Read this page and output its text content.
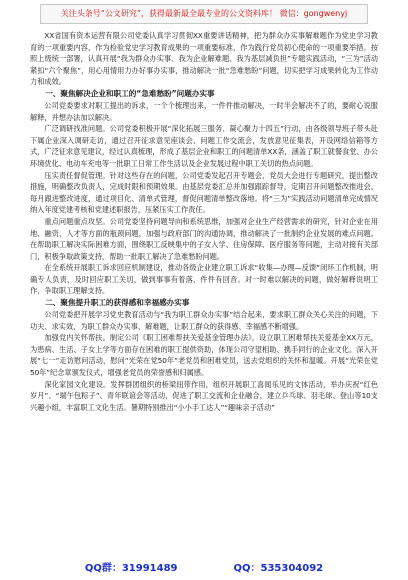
关注头条号“公文研究”，获得最新最全最专业的公文资料库！ 微信：gongwenyj

XX省国有资本运营有限公司党委认真学习贯彻XX重要讲话精神，把为群众办实事解难题作为党史学习教育的一项重要内容，作为检验党史学习教育成果的一项重要标准，作为践行党员初心使命的一项重要举措。按照上级统一部署，认真开展“我为群众办实事、我为企业解难题、我为基层减负担”专题实践活动，“三为”活动紧扣“六个聚焦”，用心用情用力办好事办实事，推动解决一批“急难愁盼”问题，切实把学习成果转化为工作动力和成效。

一、聚焦解决企业和职工的“急难愁盼”问题办实事

公司党委要求对职工提出的诉求，一个个梳理出来，一件件推动解决，一时半会解决不了的，要耐心说服解释，并想办法加以解决。

广泛调研找准问题。公司党委积极开展“深化拓展三服务、凝心聚力十四五”行动，由各级领导班子带头赴下属企业深入调研走访，通过召开征求意见座谈会、问题工作交流会，发放意见征集表，开设网络信箱等方式，广泛征求意见建议，经过认真梳理，形成了基层企业和职工的问题清单XX条，涵盖了职工就餐食堂、办公环境优化、电动车充电等一批职工日常工作生活以及企业发展过程中职工关切的热点问题。

压实责任督促管理。针对这些存在的问题，公司党委发起召开专题会，党员大会进行专题研究，提出整改措施，明确整改负责人，完成时限和预期效果。由基层党委汇总并加强跟踪督导，定期召开问题整改推进会，每月跟进整改进度，通过项目化、清单式管理，督促问题清单整改落地。将“三为”实践活动问题清单完成情况纳入年度党建考核和党建述职报告，压紧压实工作责任。

重点问题重点攻坚。公司党委坚持问题导向和系统思维，加强对企业生产经营需求的研究，针对企业在用地、融资、人才等方面的瓶颈问题，加强与政府部门的沟通协调，推动解决了一批制约企业发展的难点问题。在帮助职工解决实际困难方面，围绕职工反映集中的子女入学、住房保障、医疗服务等问题，主动对接有关部门，积极争取政策支持，帮助一批职工解决了急难愁盼问题。

在全系统开展职工诉求回应机制建设，推动各级企业建立职工诉求“收集—办理—反馈”闭环工作机制，明确专人负责，及时回应职工关切，做到事事有着落、件件有回音。对一时难以解决的问题，做好解释说明工作，争取职工理解支持。

二、聚焦提升职工的获得感和幸福感办实事

公司党委把开展学习党史教育活动与“我为职工群众办实事”结合起来，要求职工群众关心关注的问题，下功夫、求实效，为职工群众办实事、解难题，让职工群众的获得感、幸福感不断增强。

加强党内关怀帮扶。制定公司《职工困难帮扶关爱基金管理办法》，设立职工困难帮扶关爱基金XX万元，为患病、生活、子女上学等方面存在困难的职工提供资助，体现公司守望相助、携手同行的企业文化。深入开展“七一”走访慰问活动，慰问“光荣在党50年”老党员和困难党员，送去党组织的关怀和温暖。开展“光荣在党50年”纪念章颁发仪式，增强老党员的荣誉感和归属感。

深化家园文化建设。发挥群团组织的桥梁纽带作用，组织开展职工喜闻乐见的文体活动，举办庆祝“红色岁月”、“端午包粽子”、青年联谊会等活动，促进了职工交流和企业融合，建立乒乓球、羽毛球、登山等10支兴趣小组，丰富职工文化生活。暑期特别推出“小小手工达人”“趣味亲子活动”

QQ群：31991489	QQ：535304092
